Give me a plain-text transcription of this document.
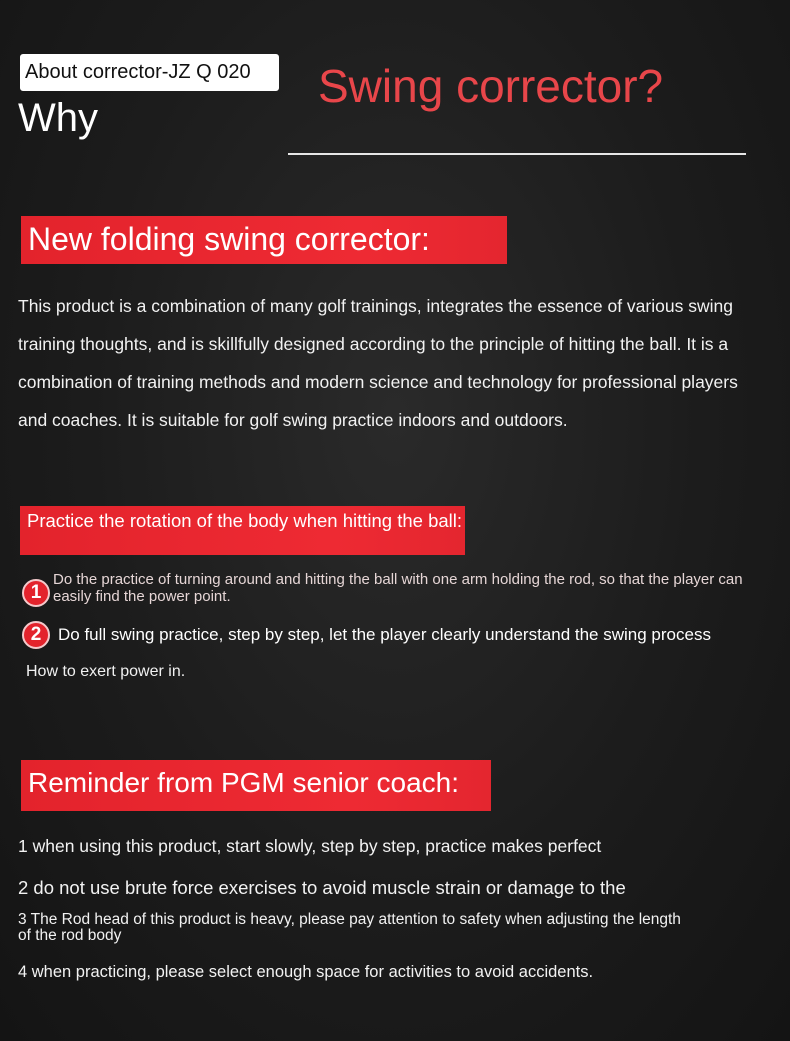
About corrector-JZ Q 020
Why
Swing corrector?
New folding swing corrector:
This product is a combination of many golf trainings, integrates the essence of various swing training thoughts, and is skillfully designed according to the principle of hitting the ball. It is a combination of training methods and modern science and technology for professional players and coaches. It is suitable for golf swing practice indoors and outdoors.
Practice the rotation of the body when hitting the ball:
1
Do the practice of turning around and hitting the ball with one arm holding the rod, so that the player can easily find the power point.
2 Do full swing practice, step by step, let the player clearly understand the swing process
How to exert power in.
Reminder from PGM senior coach:
1 when using this product, start slowly, step by step, practice makes perfect
2 do not use brute force exercises to avoid muscle strain or damage to the
3 The Rod head of this product is heavy, please pay attention to safety when adjusting the length of the rod body
4 when practicing, please select enough space for activities to avoid accidents.
